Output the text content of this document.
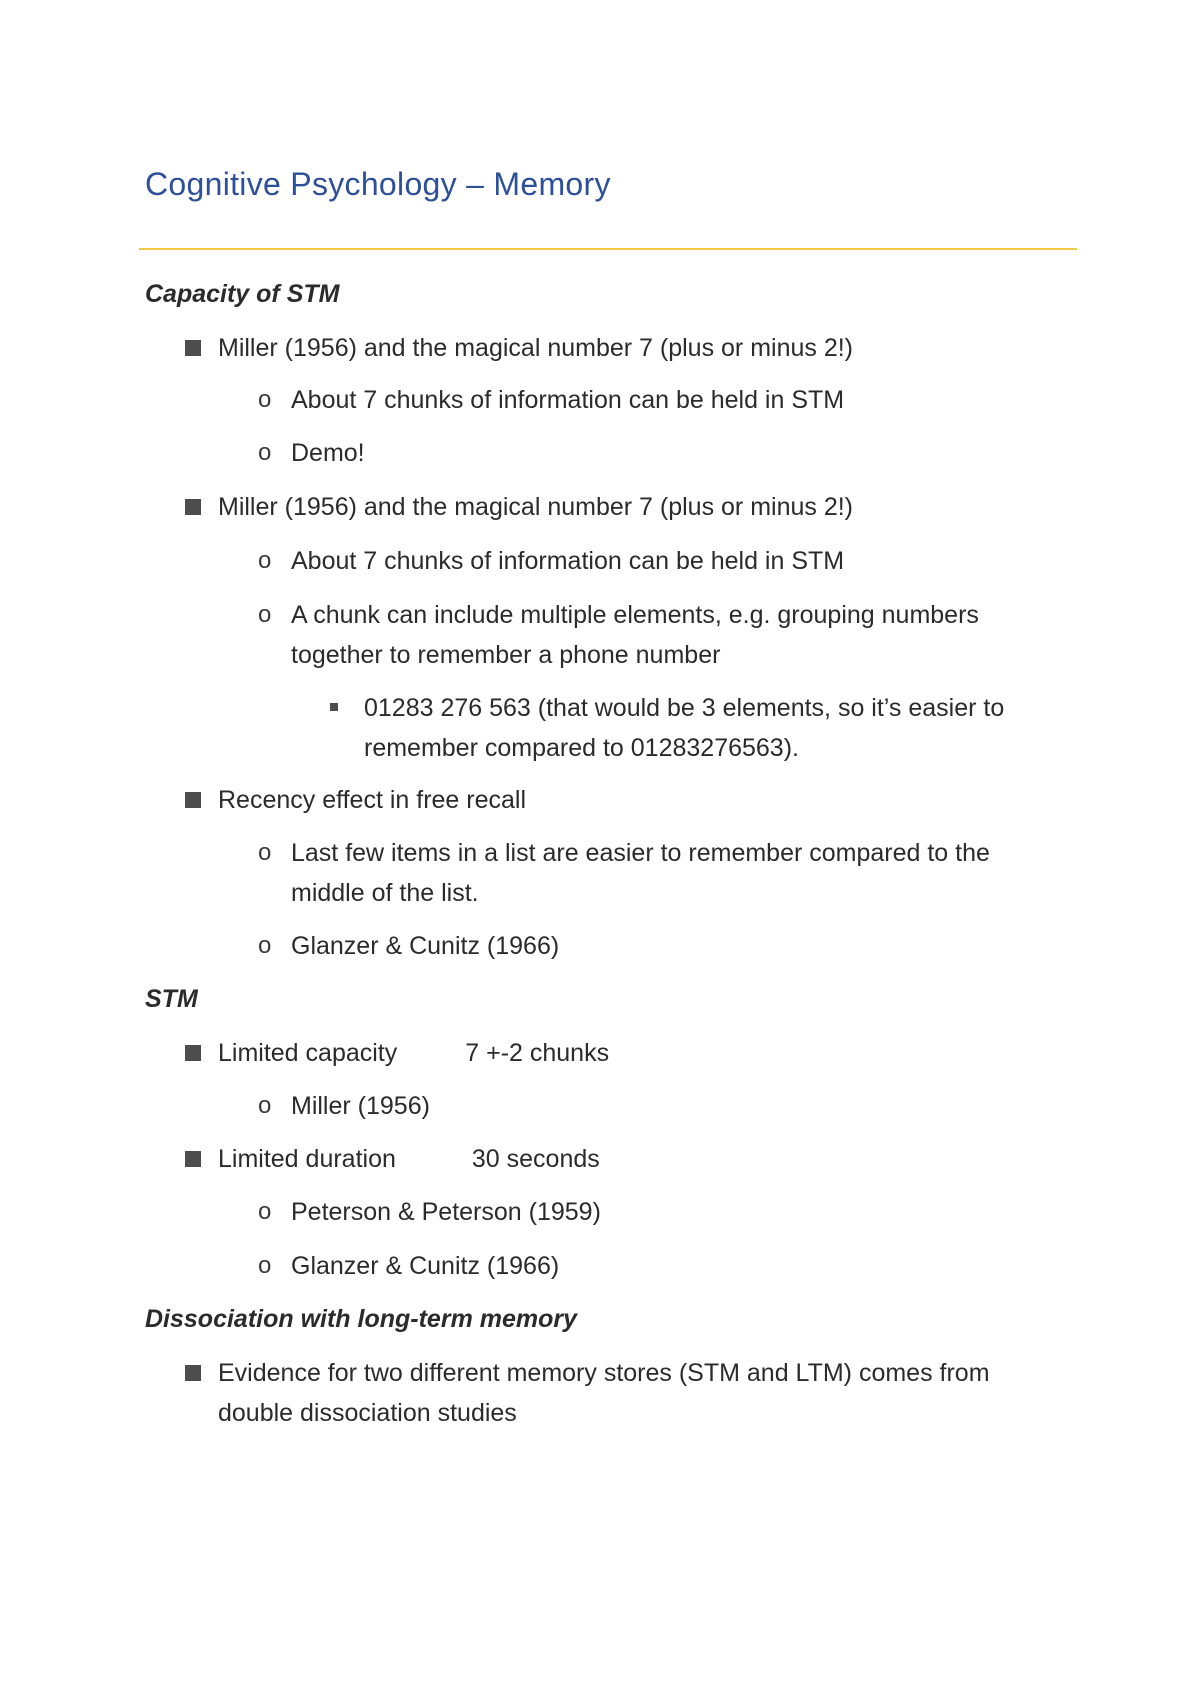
Cognitive Psychology – Memory
Capacity of STM
Miller (1956) and the magical number 7 (plus or minus 2!)
o About 7 chunks of information can be held in STM
o Demo!
Miller (1956) and the magical number 7 (plus or minus 2!)
o About 7 chunks of information can be held in STM
o A chunk can include multiple elements, e.g. grouping numbers together to remember a phone number
01283 276 563 (that would be 3 elements, so it’s easier to remember compared to 01283276563).
Recency effect in free recall
o Last few items in a list are easier to remember compared to the middle of the list.
o Glanzer & Cunitz (1966)
STM
Limited capacity	7 +-2 chunks
o Miller (1956)
Limited duration	30 seconds
o Peterson & Peterson (1959)
o Glanzer & Cunitz (1966)
Dissociation with long-term memory
Evidence for two different memory stores (STM and LTM) comes from double dissociation studies
